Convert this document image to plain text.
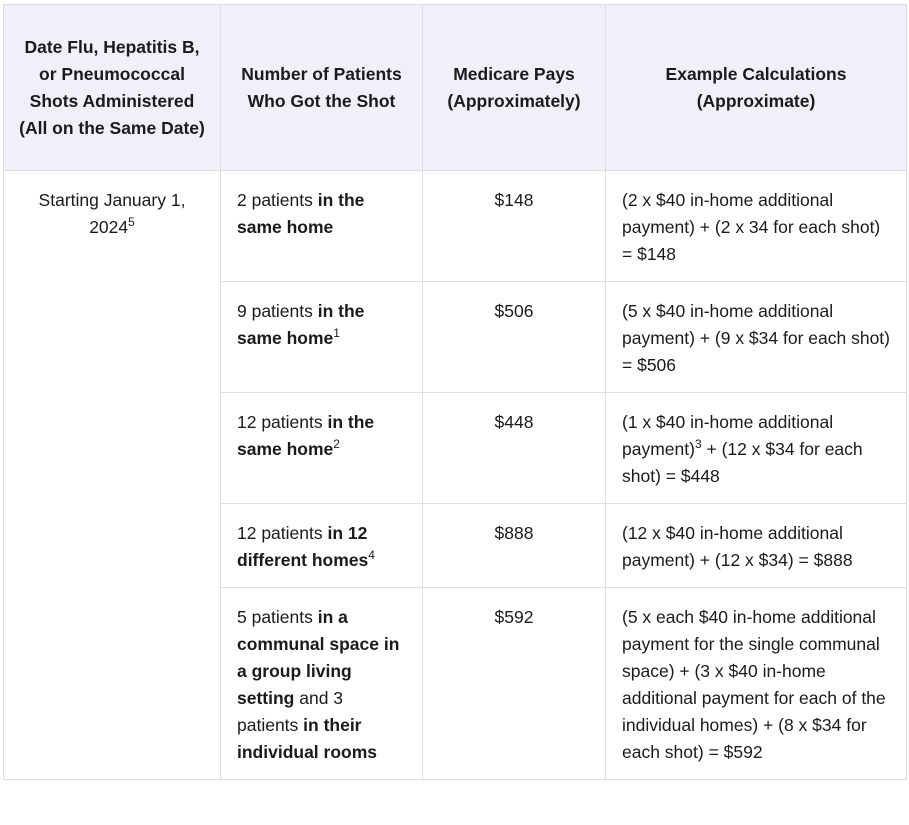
Date Flu, Hepatitis B, or Pneumococcal Shots Administered (All on the Same Date)	Number of Patients Who Got the Shot	Medicare Pays (Approximately)	Example Calculations (Approximate)
Starting January 1, 2024$^5$	2 patients in the same home	$148	(2 x $40 in-home additional payment) + (2 x 34 for each shot) = $148
	9 patients in the same home$^1$	$506	(5 x $40 in-home additional payment) + (9 x $34 for each shot) = $506
	12 patients in the same home$^2$	$448	(1 x $40 in-home additional payment)$^3$ + (12 x $34 for each shot) = $448
	12 patients in 12 different homes$^4$	$888	(12 x $40 in-home additional payment) + (12 x $34) = $888
	5 patients in a communal space in a group living setting and 3 patients in their individual rooms	$592	(5 x each $40 in-home additional payment for the single communal space) + (3 x $40 in-home additional payment for each of the individual homes) + (8 x $34 for each shot) = $592
